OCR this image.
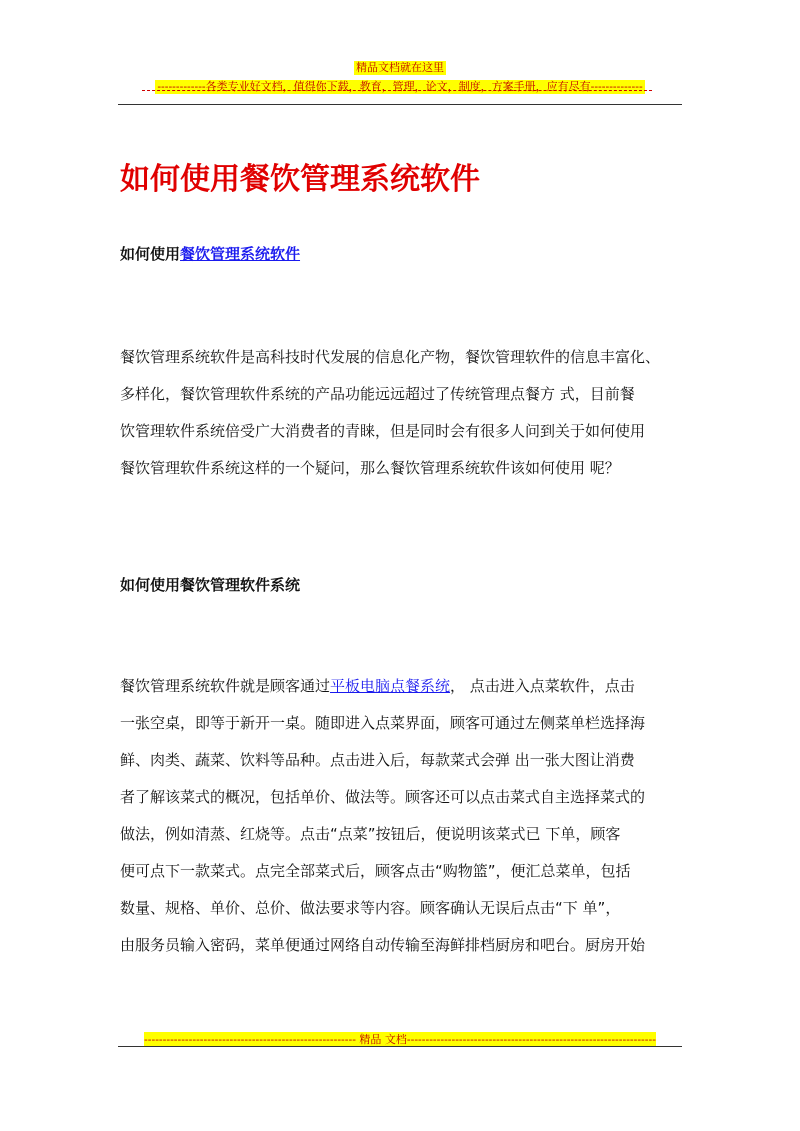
精品文档就在这里
-------------各类专业好文档，值得你下载，教育，管理，论文，制度，方案手册，应有尽有--------------
如何使用餐饮管理系统软件
如何使用餐饮管理系统软件
餐饮管理系统软件是高科技时代发展的信息化产物，餐饮管理软件的信息丰富化、
多样化，餐饮管理软件系统的产品功能远远超过了传统管理点餐方 式，目前餐
饮管理软件系统倍受广大消费者的青睐，但是同时会有很多人问到关于如何使用
餐饮管理软件系统这样的一个疑问，那么餐饮管理系统软件该如何使用 呢？
如何使用餐饮管理软件系统
餐饮管理系统软件就是顾客通过平板电脑点餐系统， 点击进入点菜软件，点击
一张空桌，即等于新开一桌。随即进入点菜界面，顾客可通过左侧菜单栏选择海
鲜、肉类、蔬菜、饮料等品种。点击进入后，每款菜式会弹 出一张大图让消费
者了解该菜式的概况，包括单价、做法等。顾客还可以点击菜式自主选择菜式的
做法，例如清蒸、红烧等。点击“点菜”按钮后，便说明该菜式已 下单，顾客
便可点下一款菜式。点完全部菜式后，顾客点击“购物篮”，便汇总菜单，包括
数量、规格、单价、总价、做法要求等内容。顾客确认无误后点击“下 单”，
由服务员输入密码，菜单便通过网络自动传输至海鲜排档厨房和吧台。厨房开始
--------------------------------------------------------- 精品 文档-------------------------------------------------------------------
